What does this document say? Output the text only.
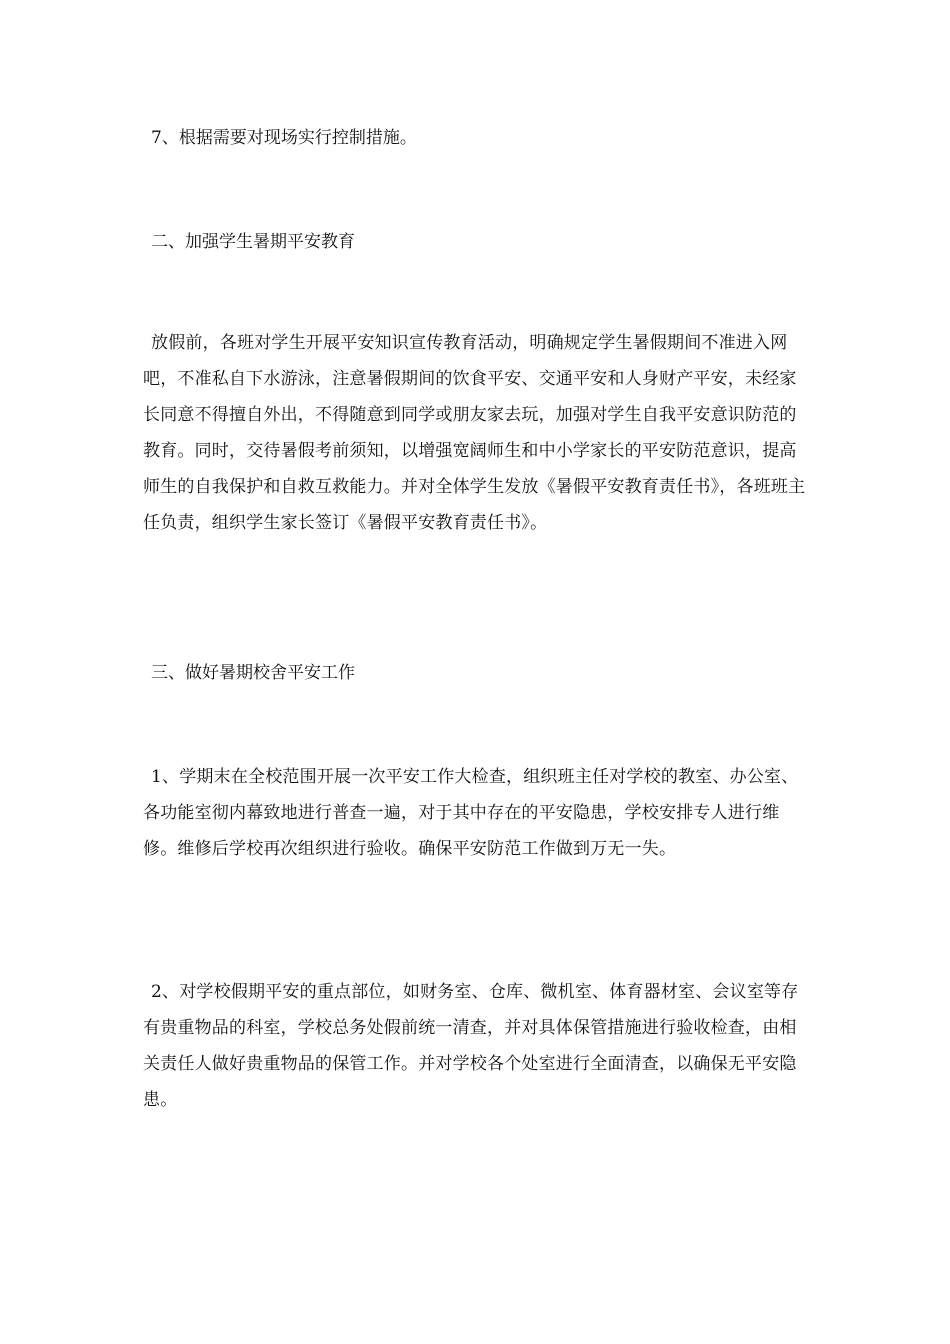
7、根据需要对现场实行控制措施。

二、加强学生暑期平安教育

放假前，各班对学生开展平安知识宣传教育活动，明确规定学生暑假期间不准进入网吧，不准私自下水游泳，注意暑假期间的饮食平安、交通平安和人身财产平安，未经家长同意不得擅自外出，不得随意到同学或朋友家去玩，加强对学生自我平安意识防范的教育。同时，交待暑假考前须知，以增强宽阔师生和中小学家长的平安防范意识，提高师生的自我保护和自救互救能力。并对全体学生发放《暑假平安教育责任书》，各班班主任负责，组织学生家长签订《暑假平安教育责任书》。

三、做好暑期校舍平安工作

1、学期末在全校范围开展一次平安工作大检查，组织班主任对学校的教室、办公室、各功能室彻内幕致地进行普查一遍，对于其中存在的平安隐患，学校安排专人进行维修。维修后学校再次组织进行验收。确保平安防范工作做到万无一失。

2、对学校假期平安的重点部位，如财务室、仓库、微机室、体育器材室、会议室等存有贵重物品的科室，学校总务处假前统一清查，并对具体保管措施进行验收检查，由相关责任人做好贵重物品的保管工作。并对学校各个处室进行全面清查，以确保无平安隐患。
